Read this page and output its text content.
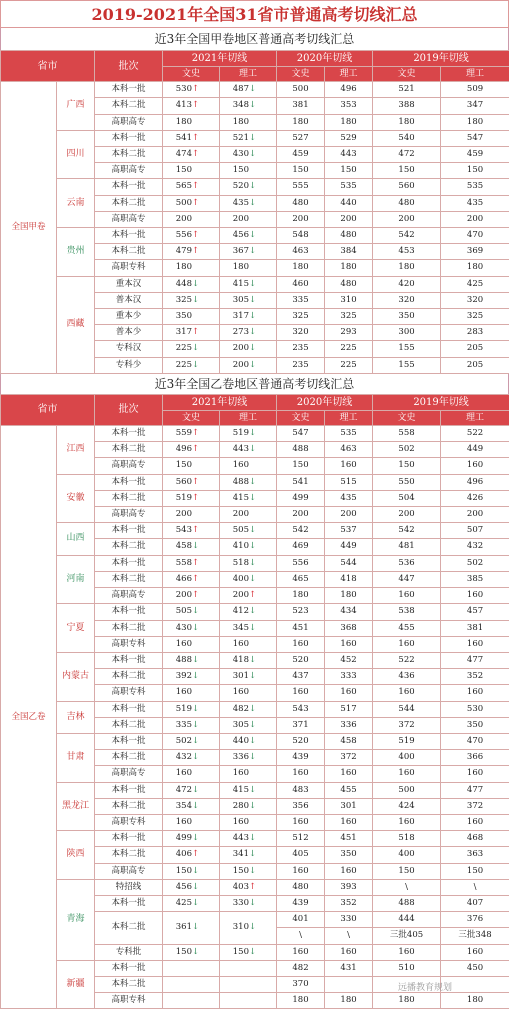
2019-2021年全国31省市普通高考切线汇总
近3年全国甲卷地区普通高考切线汇总
省市		批次	2021年切线		2020年切线		2019年切线	
			文史	理工	文史	理工	文史	理工
全国甲卷	广西	本科一批	530↑	487↓	500	496	521	509
		本科二批	413↑	348↓	381	353	388	347
		高职高专	180	180	180	180	180	180
	四川	本科一批	541↑	521↓	527	529	540	547
		本科二批	474↑	430↓	459	443	472	459
		高职高专	150	150	150	150	150	150
	云南	本科一批	565↑	520↓	555	535	560	535
		本科二批	500↑	435↓	480	440	480	435
		高职高专	200	200	200	200	200	200
	贵州	本科一批	556↑	456↓	548	480	542	470
		本科二批	479↑	367↓	463	384	453	369
		高职专科	180	180	180	180	180	180
	西藏	重本汉	448↓	415↓	460	480	420	425
		普本汉	325↓	305↓	335	310	320	320
		重本少	350	317↓	325	325	350	325
		普本少	317↑	273↓	320	293	300	283
		专科汉	225↓	200↓	235	225	155	205
		专科少	225↓	200↓	235	225	155	205
近3年全国乙卷地区普通高考切线汇总
省市		批次	2021年切线		2020年切线		2019年切线	
			文史	理工	文史	理工	文史	理工
全国乙卷	江西	本科一批	559↑	519↓	547	535	558	522
		本科二批	496↑	443↓	488	463	502	449
		高职高专	150	160	150	160	150	160
	安徽	本科一批	560↑	488↓	541	515	550	496
		本科二批	519↑	415↓	499	435	504	426
		高职高专	200	200	200	200	200	200
	山西	本科一批	543↑	505↓	542	537	542	507
		本科二批	458↓	410↓	469	449	481	432
	河南	本科一批	558↑	518↓	556	544	536	502
		本科二批	466↑	400↓	465	418	447	385
		高职高专	200↑	200↑	180	180	160	160
	宁夏	本科一批	505↓	412↓	523	434	538	457
		本科二批	430↓	345↓	451	368	455	381
		高职专科	160	160	160	160	160	160
	内蒙古	本科一批	488↓	418↓	520	452	522	477
		本科二批	392↓	301↓	437	333	436	352
		高职专科	160	160	160	160	160	160
	吉林	本科一批	519↓	482↓	543	517	544	530
		本科二批	335↓	305↓	371	336	372	350
	甘肃	本科一批	502↓	440↓	520	458	519	470
		本科二批	432↓	336↓	439	372	400	366
		高职高专	160	160	160	160	160	160
	黑龙江	本科一批	472↓	415↓	483	455	500	477
		本科二批	354↓	280↓	356	301	424	372
		高职专科	160	160	160	160	160	160
	陕西	本科一批	499↓	443↓	512	451	518	468
		本科二批	406↑	341↓	405	350	400	363
		高职高专	150↓	150↓	160	160	150	150
	青海	特招线	456↓	403↑	480	393	\	\
		本科一批	425↓	330↓	439	352	488	407
		本科二批	361↓	310↓	401	330	444	376
					\	\	三批405	三批348
		专科批	150↓	150↓	160	160	160	160
	新疆	本科一批			482	431	510	450
		本科二批			370			
		高职专科			180	180	180	180
远播教育规划
